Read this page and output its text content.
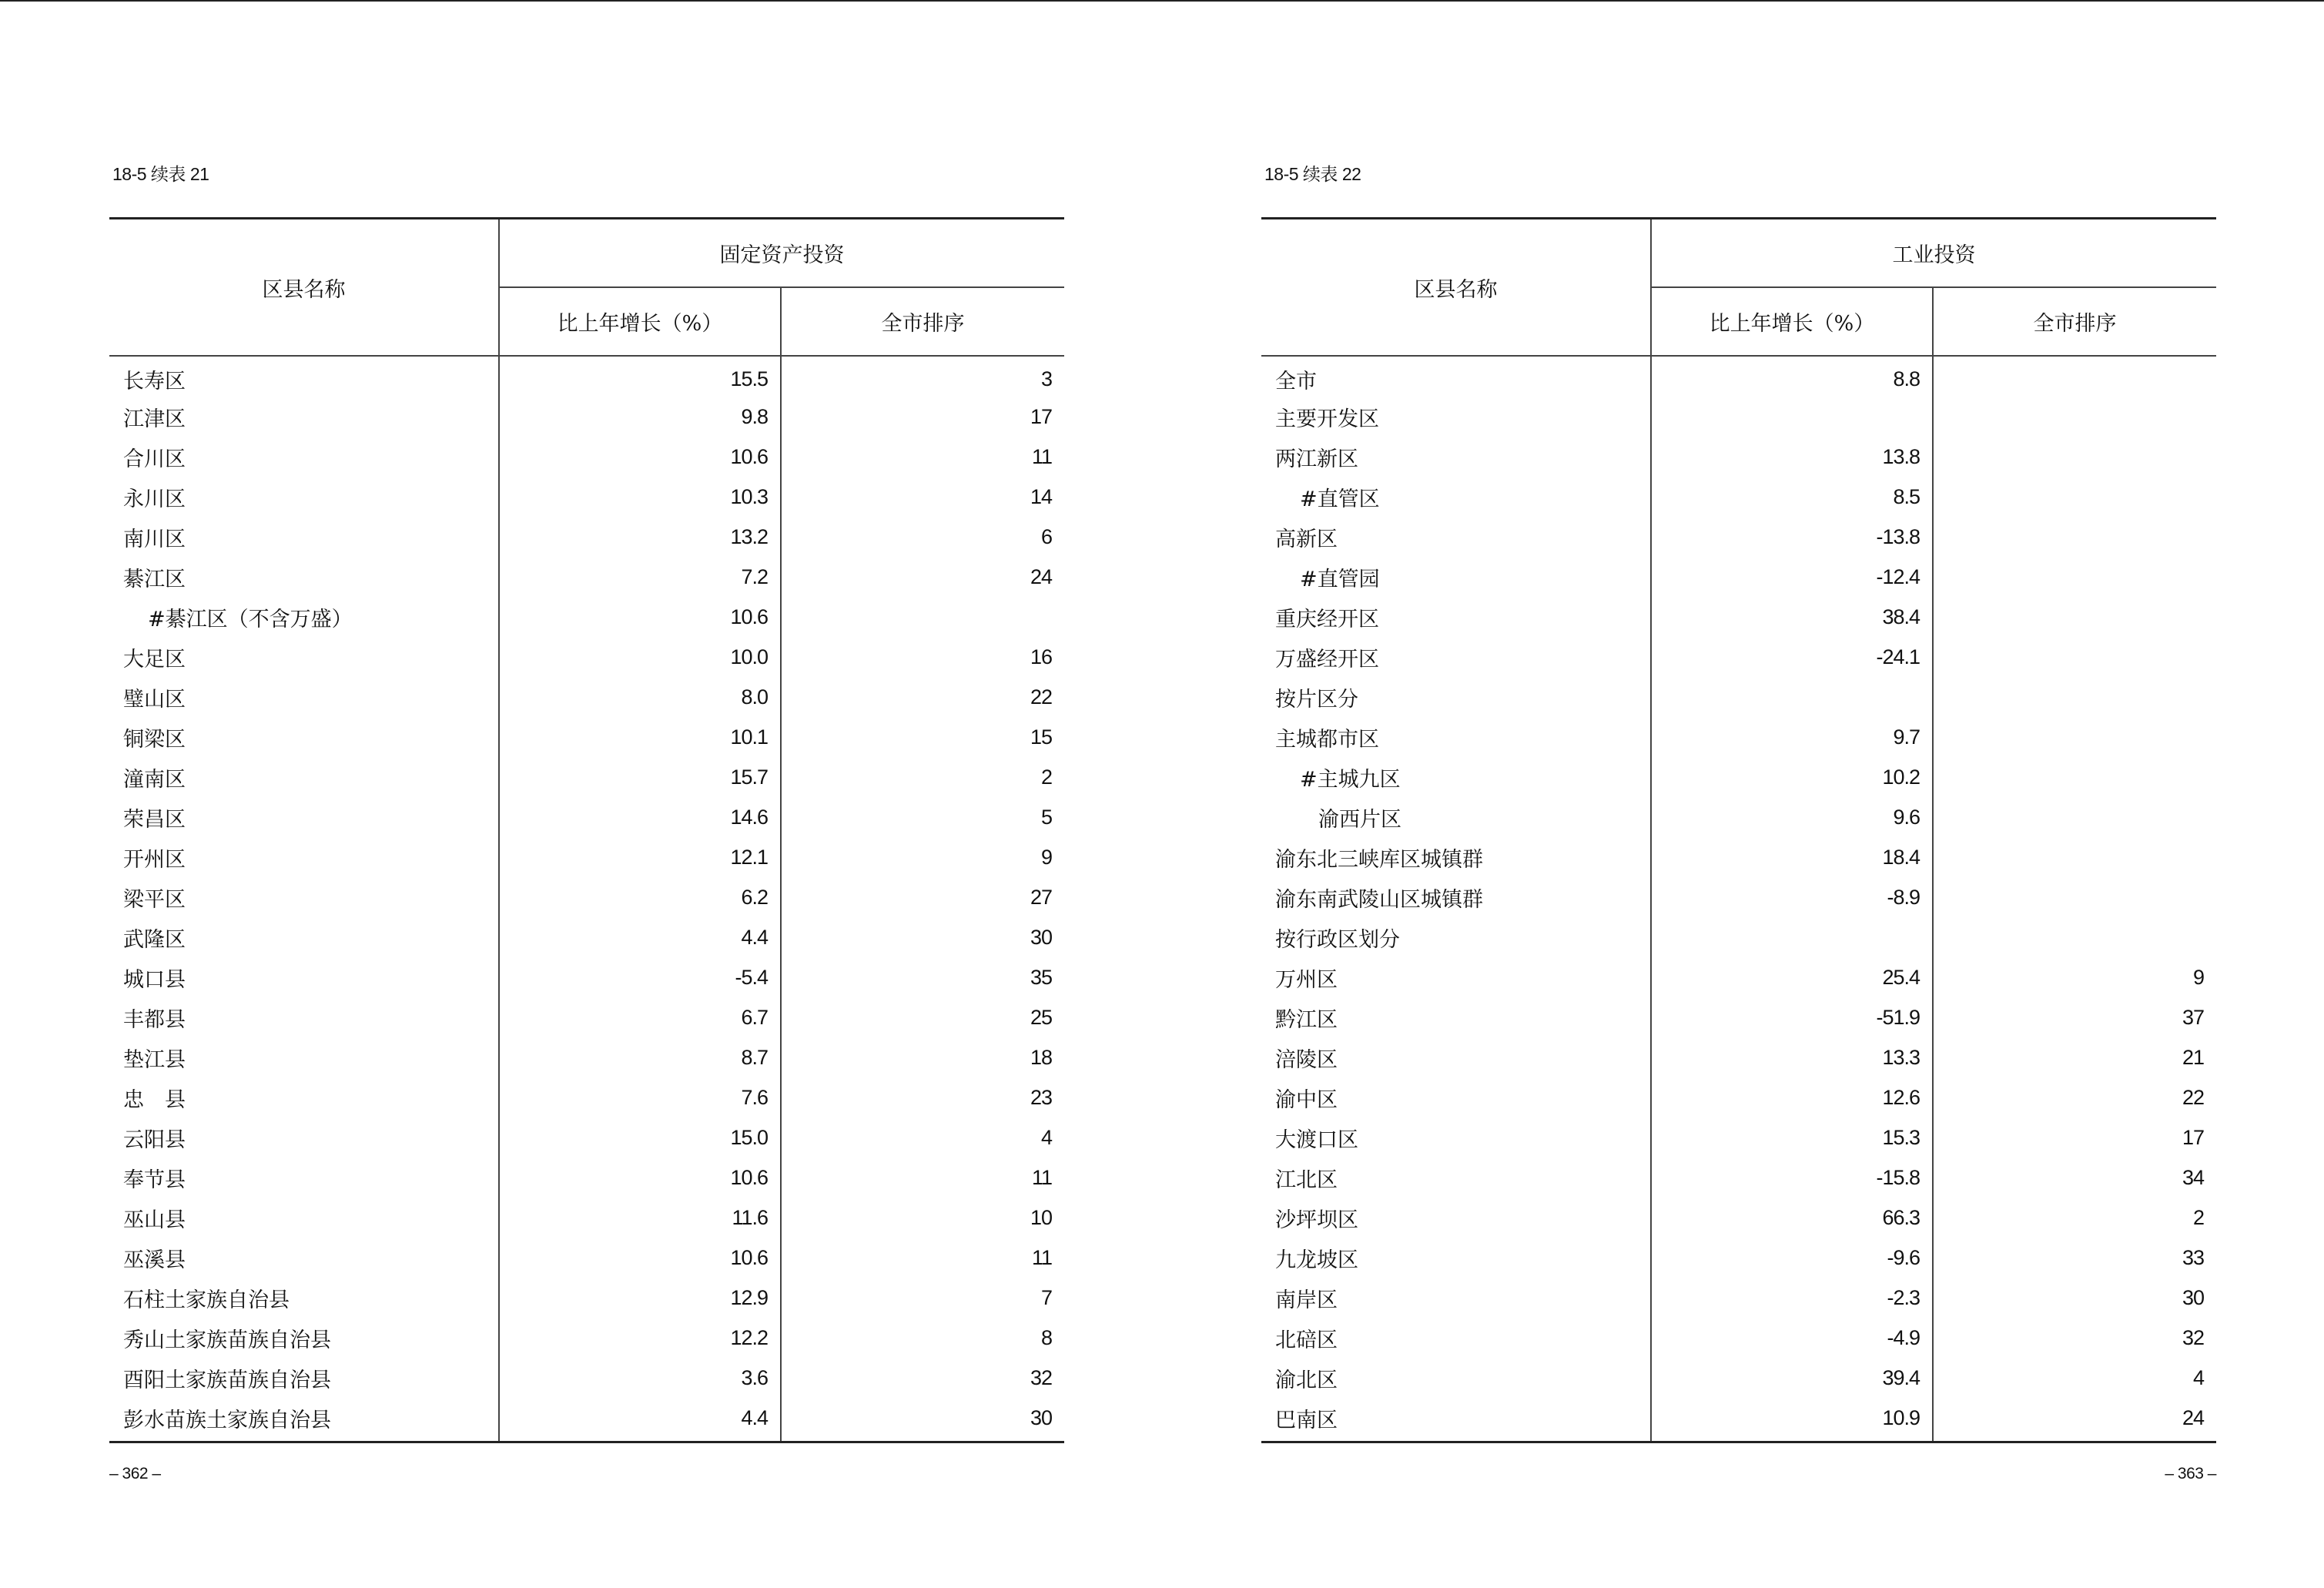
18-5 续表 21
区县名称	固定资产投资	
	比上年增长（%）	全市排序
长寿区	15.5	3
江津区	9.8	17
合川区	10.6	11
永川区	10.3	14
南川区	13.2	6
綦江区	7.2	24
#綦江区（不含万盛）	10.6	
大足区	10.0	16
璧山区	8.0	22
铜梁区	10.1	15
潼南区	15.7	2
荣昌区	14.6	5
开州区	12.1	9
梁平区	6.2	27
武隆区	4.4	30
城口县	-5.4	35
丰都县	6.7	25
垫江县	8.7	18
忠　县	7.6	23
云阳县	15.0	4
奉节县	10.6	11
巫山县	11.6	10
巫溪县	10.6	11
石柱土家族自治县	12.9	7
秀山土家族苗族自治县	12.2	8
酉阳土家族苗族自治县	3.6	32
彭水苗族土家族自治县	4.4	30
– 362 –
18-5 续表 22
区县名称	工业投资	
	比上年增长（%）	全市排序
全市	8.8	
主要开发区		
两江新区	13.8	
#直管区	8.5	
高新区	-13.8	
#直管园	-12.4	
重庆经开区	38.4	
万盛经开区	-24.1	
按片区分		
主城都市区	9.7	
#主城九区	10.2	
渝西片区	9.6	
渝东北三峡库区城镇群	18.4	
渝东南武陵山区城镇群	-8.9	
按行政区划分		
万州区	25.4	9
黔江区	-51.9	37
涪陵区	13.3	21
渝中区	12.6	22
大渡口区	15.3	17
江北区	-15.8	34
沙坪坝区	66.3	2
九龙坡区	-9.6	33
南岸区	-2.3	30
北碚区	-4.9	32
渝北区	39.4	4
巴南区	10.9	24
– 363 –
